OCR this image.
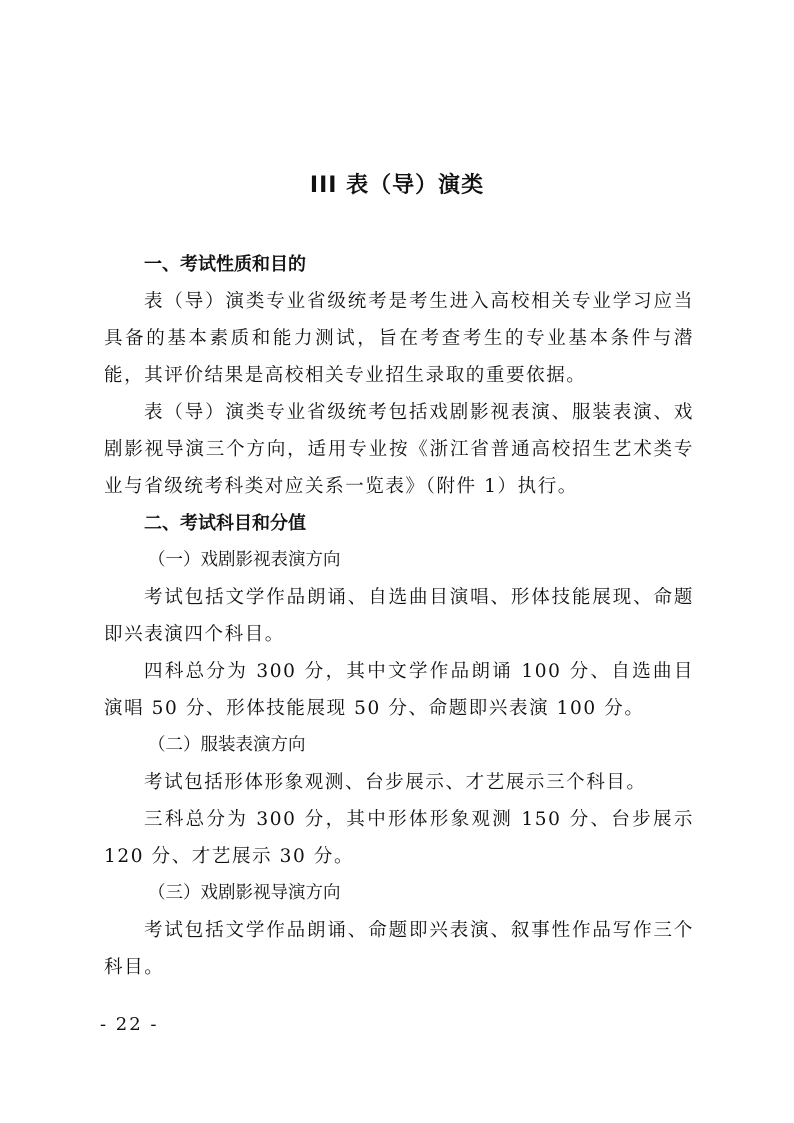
III 表（导）演类
一、考试性质和目的
表（导）演类专业省级统考是考生进入高校相关专业学习应当具备的基本素质和能力测试，旨在考查考生的专业基本条件与潜能，其评价结果是高校相关专业招生录取的重要依据。
表（导）演类专业省级统考包括戏剧影视表演、服装表演、戏剧影视导演三个方向，适用专业按《浙江省普通高校招生艺术类专业与省级统考科类对应关系一览表》（附件 1）执行。
二、考试科目和分值
（一）戏剧影视表演方向
考试包括文学作品朗诵、自选曲目演唱、形体技能展现、命题即兴表演四个科目。
四科总分为 300 分，其中文学作品朗诵 100 分、自选曲目演唱 50 分、形体技能展现 50 分、命题即兴表演 100 分。
（二）服装表演方向
考试包括形体形象观测、台步展示、才艺展示三个科目。
三科总分为 300 分，其中形体形象观测 150 分、台步展示 120 分、才艺展示 30 分。
（三）戏剧影视导演方向
考试包括文学作品朗诵、命题即兴表演、叙事性作品写作三个科目。
- 22 -
